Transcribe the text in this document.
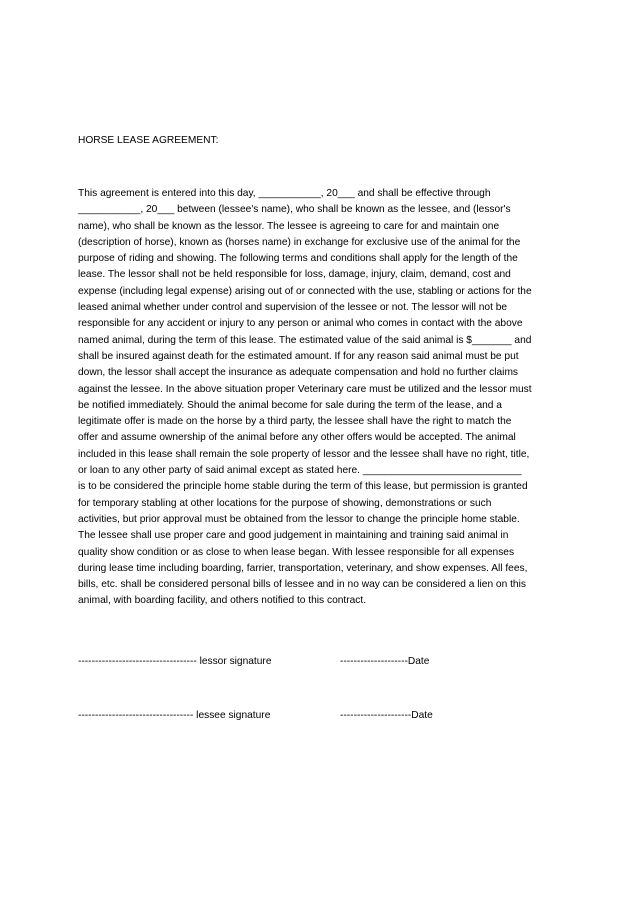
HORSE LEASE AGREEMENT:
This agreement is entered into this day, ___________, 20___ and shall be effective through
___________, 20___ between (lessee's name), who shall be known as the lessee, and (lessor's
name), who shall be known as the lessor. The lessee is agreeing to care for and maintain one
(description of horse), known as (horses name) in exchange for exclusive use of the animal for the
purpose of riding and showing. The following terms and conditions shall apply for the length of the
lease. The lessor shall not be held responsible for loss, damage, injury, claim, demand, cost and
expense (including legal expense) arising out of or connected with the use, stabling or actions for the
leased animal whether under control and supervision of the lessee or not. The lessor will not be
responsible for any accident or injury to any person or animal who comes in contact with the above
named animal, during the term of this lease. The estimated value of the said animal is $_______ and
shall be insured against death for the estimated amount. If for any reason said animal must be put
down, the lessor shall accept the insurance as adequate compensation and hold no further claims
against the lessee. In the above situation proper Veterinary care must be utilized and the lessor must
be notified immediately. Should the animal become for sale during the term of the lease, and a
legitimate offer is made on the horse by a third party, the lessee shall have the right to match the
offer and assume ownership of the animal before any other offers would be accepted. The animal
included in this lease shall remain the sole property of lessor and the lessee shall have no right, title,
or loan to any other party of said animal except as stated here. ____________________________
is to be considered the principle home stable during the term of this lease, but permission is granted
for temporary stabling at other locations for the purpose of showing, demonstrations or such
activities, but prior approval must be obtained from the lessor to change the principle home stable.
The lessee shall use proper care and good judgement in maintaining and training said animal in
quality show condition or as close to when lease began. With lessee responsible for all expenses
during lease time including boarding, farrier, transportation, veterinary, and show expenses. All fees,
bills, etc. shall be considered personal bills of lessee and in no way can be considered a lien on this
animal, with boarding facility, and others notified to this contract.
----------------------------------- lessor signature	--------------------Date
---------------------------------- lessee signature	---------------------Date
